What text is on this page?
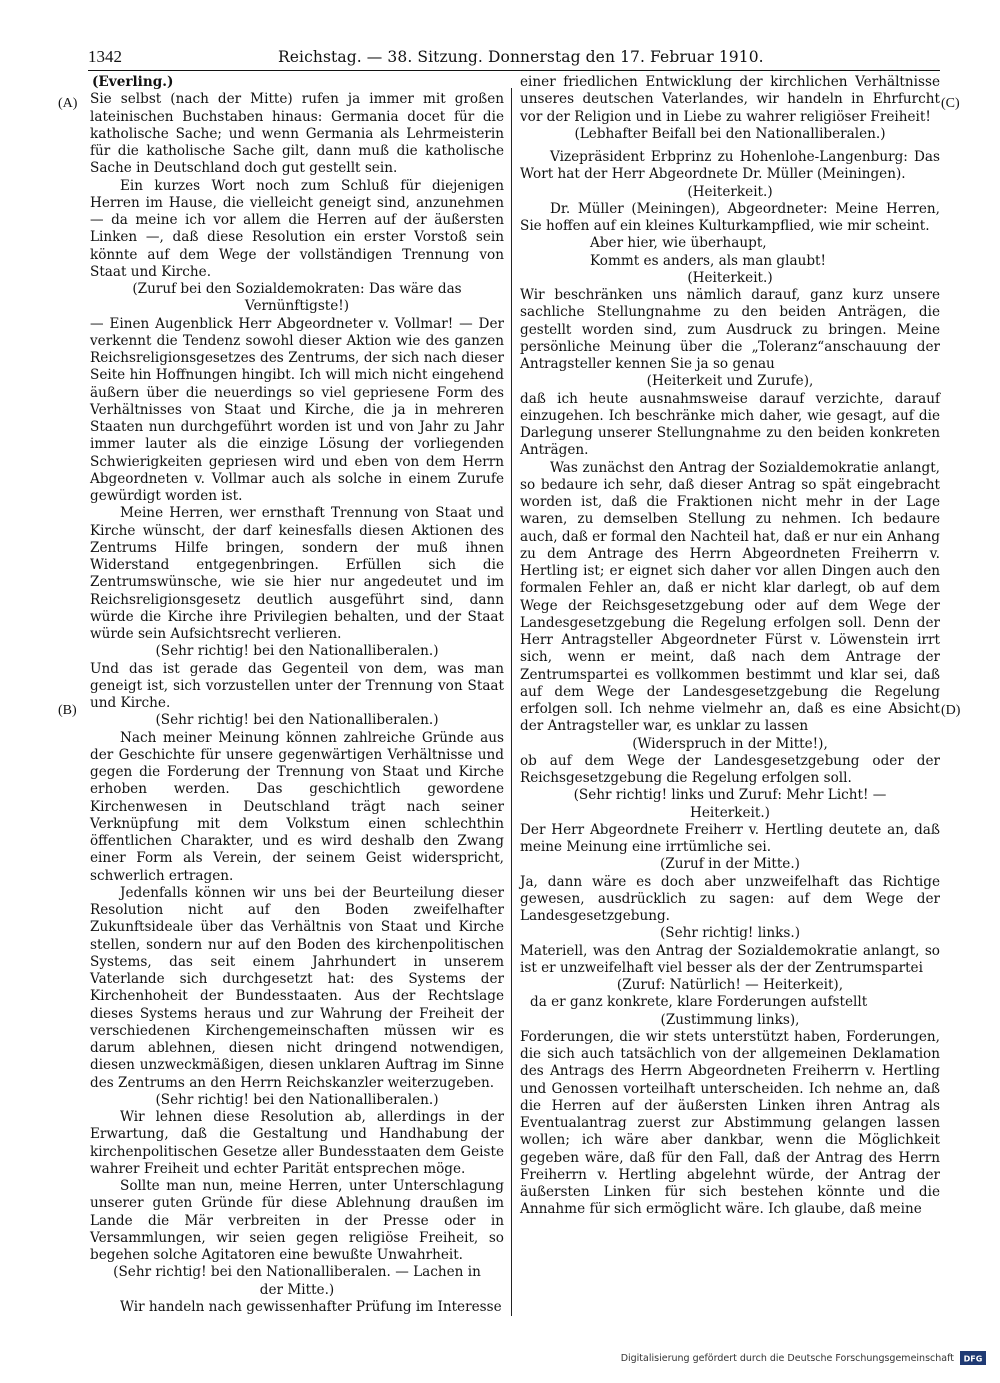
1342	Reichstag. — 38. Sitzung. Donnerstag den 17. Februar 1910.
(A)
(B)
(C)
(D)

(Everling.)

Sie selbst (nach der Mitte) rufen ja immer mit großen lateinischen Buchstaben hinaus: Germania docet für die katholische Sache; und wenn Germania als Lehrmeisterin für die katholische Sache gilt, dann muß die katholische Sache in Deutschland doch gut gestellt sein.

Ein kurzes Wort noch zum Schluß für diejenigen Herren im Hause, die vielleicht geneigt sind, anzunehmen — da meine ich vor allem die Herren auf der äußersten Linken —, daß diese Resolution ein erster Vorstoß sein könnte auf dem Wege der vollständigen Trennung von Staat und Kirche.

(Zuruf bei den Sozialdemokraten: Das wäre das Vernünftigste!)

— Einen Augenblick Herr Abgeordneter v. Vollmar! — Der verkennt die Tendenz sowohl dieser Aktion wie des ganzen Reichsreligionsgesetzes des Zentrums, der sich nach dieser Seite hin Hoffnungen hingibt. Ich will mich nicht eingehend äußern über die neuerdings so viel gepriesene Form des Verhältnisses von Staat und Kirche, die ja in mehreren Staaten nun durchgeführt worden ist und von Jahr zu Jahr immer lauter als die einzige Lösung der vorliegenden Schwierigkeiten gepriesen wird und eben von dem Herrn Abgeordneten v. Vollmar auch als solche in einem Zurufe gewürdigt worden ist.

Meine Herren, wer ernsthaft Trennung von Staat und Kirche wünscht, der darf keinesfalls diesen Aktionen des Zentrums Hilfe bringen, sondern der muß ihnen Widerstand entgegenbringen. Erfüllen sich die Zentrumswünsche, wie sie hier nur angedeutet und im Reichsreligionsgesetz deutlich ausgeführt sind, dann würde die Kirche ihre Privilegien behalten, und der Staat würde sein Aufsichtsrecht verlieren.

(Sehr richtig! bei den Nationalliberalen.)

Und das ist gerade das Gegenteil von dem, was man geneigt ist, sich vorzustellen unter der Trennung von Staat und Kirche.

(Sehr richtig! bei den Nationalliberalen.)

Nach meiner Meinung können zahlreiche Gründe aus der Geschichte für unsere gegenwärtigen Verhältnisse und gegen die Forderung der Trennung von Staat und Kirche erhoben werden. Das geschichtlich gewordene Kirchenwesen in Deutschland trägt nach seiner Verknüpfung mit dem Volkstum einen schlechthin öffentlichen Charakter, und es wird deshalb den Zwang einer Form als Verein, der seinem Geist widerspricht, schwerlich ertragen.

Jedenfalls können wir uns bei der Beurteilung dieser Resolution nicht auf den Boden zweifelhafter Zukunftsideale über das Verhältnis von Staat und Kirche stellen, sondern nur auf den Boden des kirchenpolitischen Systems, das seit einem Jahrhundert in unserem Vaterlande sich durchgesetzt hat: des Systems der Kirchenhoheit der Bundesstaaten. Aus der Rechtslage dieses Systems heraus und zur Wahrung der Freiheit der verschiedenen Kirchengemeinschaften müssen wir es darum ablehnen, diesen nicht dringend notwendigen, diesen unzweckmäßigen, diesen unklaren Auftrag im Sinne des Zentrums an den Herrn Reichskanzler weiterzugeben.

(Sehr richtig! bei den Nationalliberalen.)

Wir lehnen diese Resolution ab, allerdings in der Erwartung, daß die Gestaltung und Handhabung der kirchenpolitischen Gesetze aller Bundesstaaten dem Geiste wahrer Freiheit und echter Parität entsprechen möge.

Sollte man nun, meine Herren, unter Unterschlagung unserer guten Gründe für diese Ablehnung draußen im Lande die Mär verbreiten in der Presse oder in Versammlungen, wir seien gegen religiöse Freiheit, so begehen solche Agitatoren eine bewußte Unwahrheit.

(Sehr richtig! bei den Nationalliberalen. — Lachen in der Mitte.)

Wir handeln nach gewissenhafter Prüfung im Interesse

einer friedlichen Entwicklung der kirchlichen Verhältnisse unseres deutschen Vaterlandes, wir handeln in Ehrfurcht vor der Religion und in Liebe zu wahrer religiöser Freiheit!

(Lebhafter Beifall bei den Nationalliberalen.)

Vizepräsident Erbprinz zu Hohenlohe-Langenburg: Das Wort hat der Herr Abgeordnete Dr. Müller (Meiningen).

(Heiterkeit.)

Dr. Müller (Meiningen), Abgeordneter: Meine Herren, Sie hoffen auf ein kleines Kulturkampflied, wie mir scheint.

Aber hier, wie überhaupt,

Kommt es anders, als man glaubt!

(Heiterkeit.)

Wir beschränken uns nämlich darauf, ganz kurz unsere sachliche Stellungnahme zu den beiden Anträgen, die gestellt worden sind, zum Ausdruck zu bringen. Meine persönliche Meinung über die „Toleranz“anschauung der Antragsteller kennen Sie ja so genau

(Heiterkeit und Zurufe),

daß ich heute ausnahmsweise darauf verzichte, darauf einzugehen. Ich beschränke mich daher, wie gesagt, auf die Darlegung unserer Stellungnahme zu den beiden konkreten Anträgen.

Was zunächst den Antrag der Sozialdemokratie anlangt, so bedaure ich sehr, daß dieser Antrag so spät eingebracht worden ist, daß die Fraktionen nicht mehr in der Lage waren, zu demselben Stellung zu nehmen. Ich bedaure auch, daß er formal den Nachteil hat, daß er nur ein Anhang zu dem Antrage des Herrn Abgeordneten Freiherrn v. Hertling ist; er eignet sich daher vor allen Dingen auch den formalen Fehler an, daß er nicht klar darlegt, ob auf dem Wege der Reichsgesetzgebung oder auf dem Wege der Landesgesetzgebung die Regelung erfolgen soll. Denn der Herr Antragsteller Abgeordneter Fürst v. Löwenstein irrt sich, wenn er meint, daß nach dem Antrage der Zentrumspartei es vollkommen bestimmt und klar sei, daß auf dem Wege der Landesgesetzgebung die Regelung erfolgen soll. Ich nehme vielmehr an, daß es eine Absicht der Antragsteller war, es unklar zu lassen

(Widerspruch in der Mitte!),

ob auf dem Wege der Landesgesetzgebung oder der Reichsgesetzgebung die Regelung erfolgen soll.

(Sehr richtig! links und Zuruf: Mehr Licht! — Heiterkeit.)

Der Herr Abgeordnete Freiherr v. Hertling deutete an, daß meine Meinung eine irrtümliche sei.

(Zuruf in der Mitte.)

Ja, dann wäre es doch aber unzweifelhaft das Richtige gewesen, ausdrücklich zu sagen: auf dem Wege der Landesgesetzgebung.

(Sehr richtig! links.)

Materiell, was den Antrag der Sozialdemokratie anlangt, so ist er unzweifelhaft viel besser als der der Zentrumspartei

(Zuruf: Natürlich! — Heiterkeit),

da er ganz konkrete, klare Forderungen aufstellt

(Zustimmung links),

Forderungen, die wir stets unterstützt haben, Forderungen, die sich auch tatsächlich von der allgemeinen Deklamation des Antrags des Herrn Abgeordneten Freiherrn v. Hertling und Genossen vorteilhaft unterscheiden. Ich nehme an, daß die Herren auf der äußersten Linken ihren Antrag als Eventualantrag zuerst zur Abstimmung gelangen lassen wollen; ich wäre aber dankbar, wenn die Möglichkeit gegeben wäre, daß für den Fall, daß der Antrag des Herrn Freiherrn v. Hertling abgelehnt würde, der Antrag der äußersten Linken für sich bestehen könnte und die Annahme für sich ermöglicht wäre. Ich glaube, daß meine

Digitalisierung gefördert durch die Deutsche Forschungsgemeinschaft DFG
